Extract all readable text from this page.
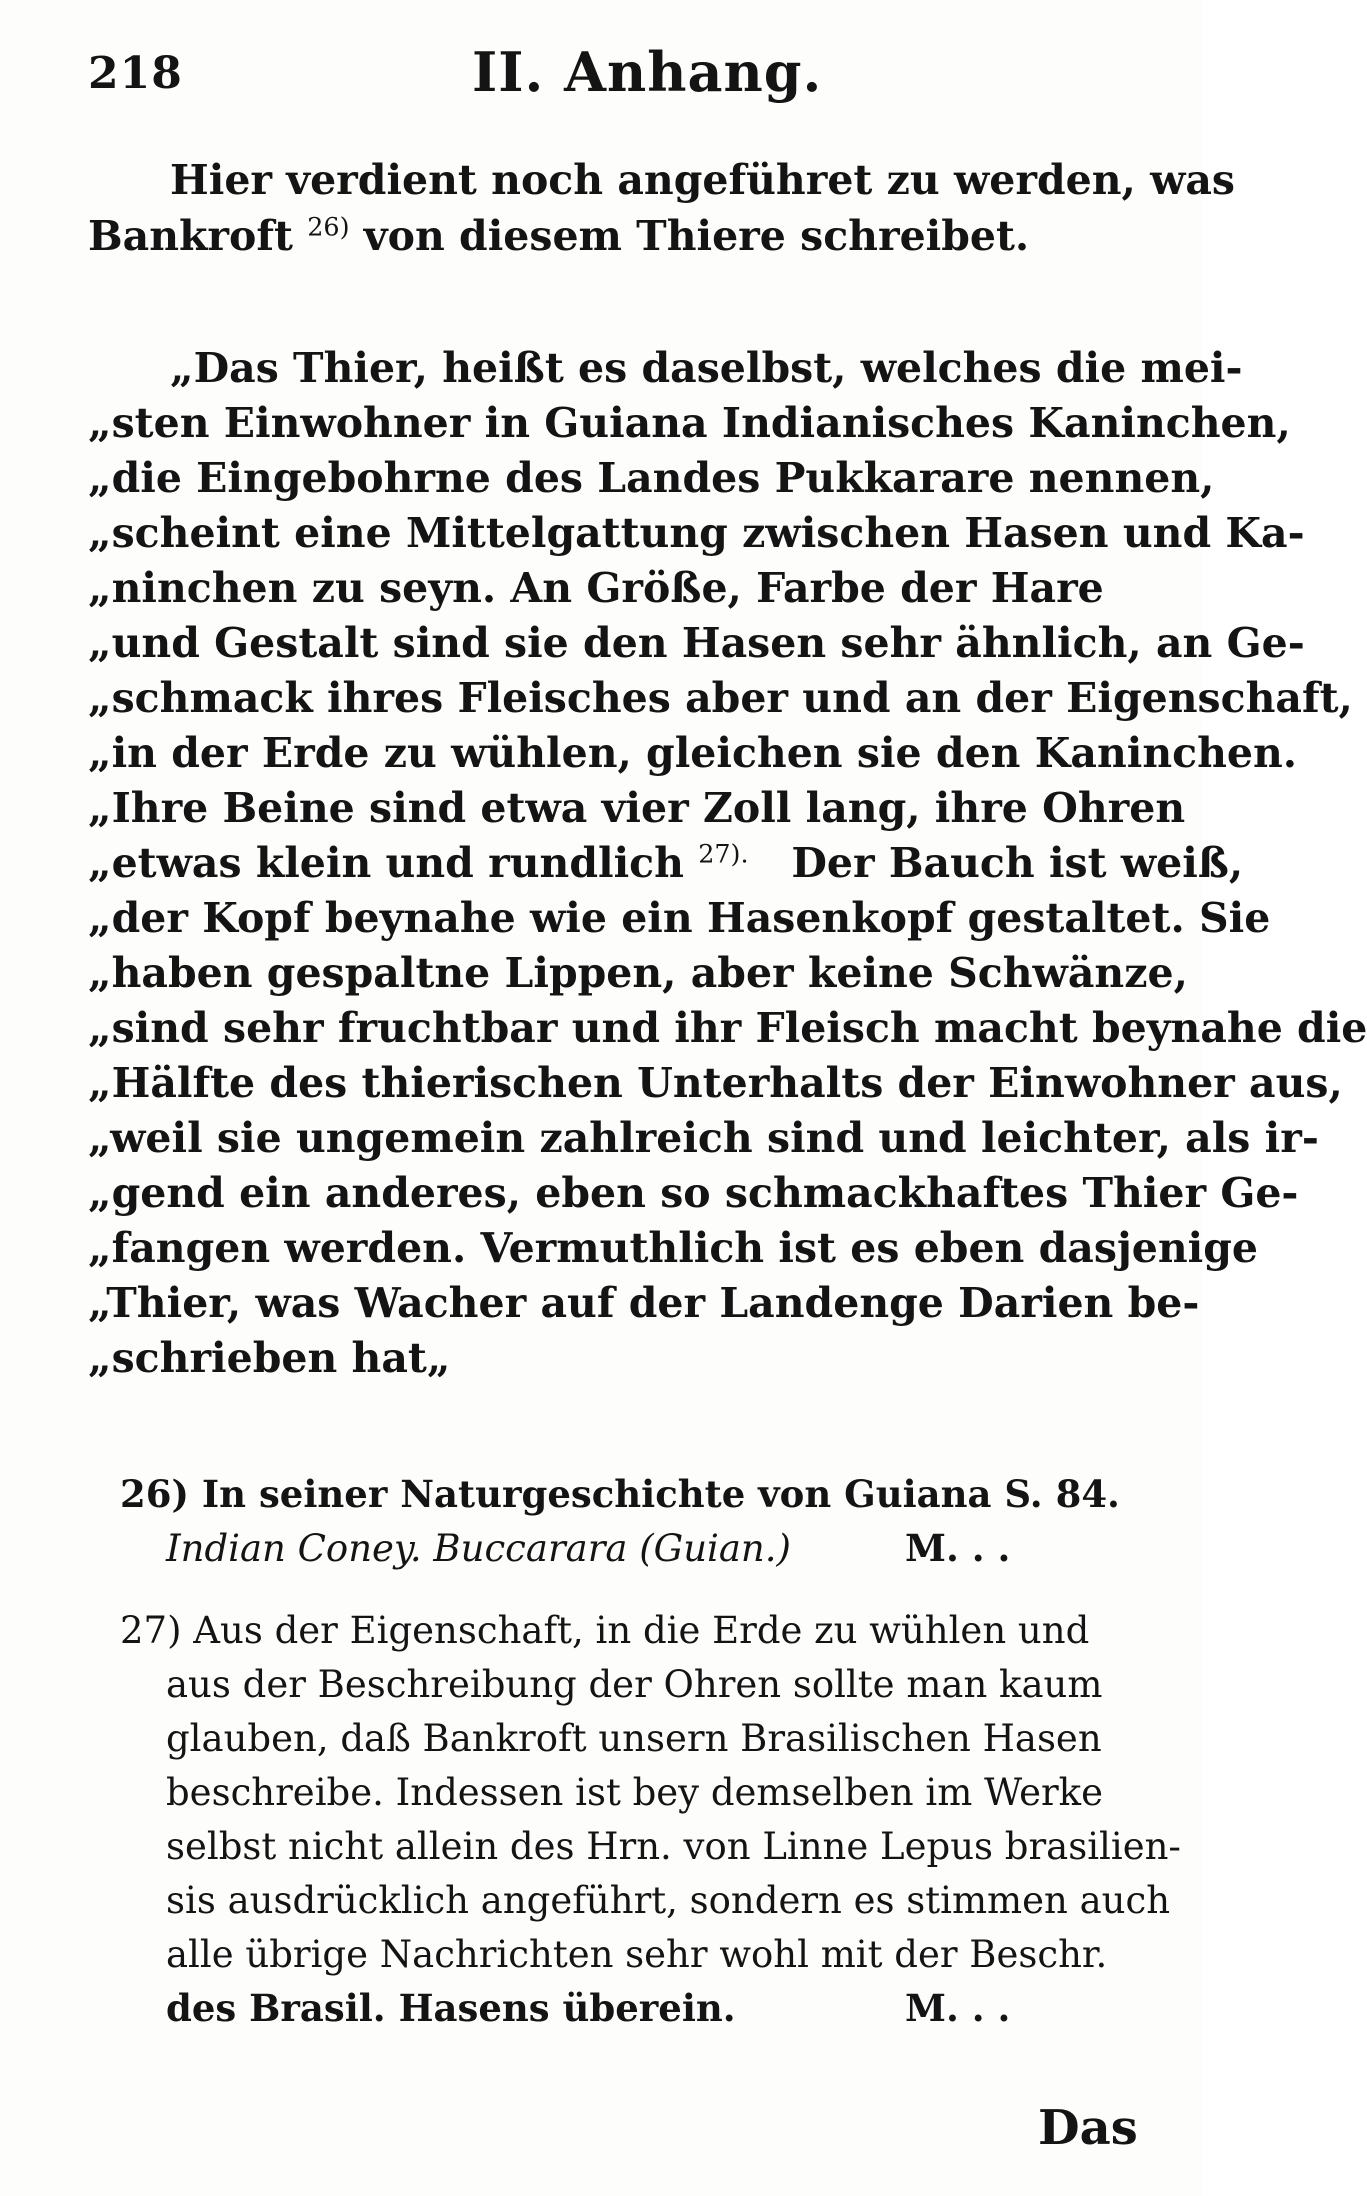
218	II. Anhang.
Hier verdient noch angeführet zu werden, was
Bankroft $^{26)}$ von diesem Thiere schreibet.
„Das Thier, heißt es daselbst, welches die mei-
„sten Einwohner in Guiana Indianisches Kaninchen,
„die Eingebohrne des Landes Pukkarare nennen,
„scheint eine Mittelgattung zwischen Hasen und Ka-
„ninchen zu seyn. An Größe, Farbe der Hare
„und Gestalt sind sie den Hasen sehr ähnlich, an Ge-
„schmack ihres Fleisches aber und an der Eigenschaft,
„in der Erde zu wühlen, gleichen sie den Kaninchen.
„Ihre Beine sind etwa vier Zoll lang, ihre Ohren
„etwas klein und rundlich $^{27).}$ Der Bauch ist weiß,
„der Kopf beynahe wie ein Hasenkopf gestaltet. Sie
„haben gespaltne Lippen, aber keine Schwänze,
„sind sehr fruchtbar und ihr Fleisch macht beynahe die
„Hälfte des thierischen Unterhalts der Einwohner aus,
„weil sie ungemein zahlreich sind und leichter, als ir-
„gend ein anderes, eben so schmackhaftes Thier Ge-
„fangen werden. Vermuthlich ist es eben dasjenige
„Thier, was Wacher auf der Landenge Darien be-
„schrieben hat„
26) In seiner Naturgeschichte von Guiana S. 84.
Indian Coney. Buccarara (Guian.)	M. . .
27) Aus der Eigenschaft, in die Erde zu wühlen und
aus der Beschreibung der Ohren sollte man kaum
glauben, daß Bankroft unsern Brasilischen Hasen
beschreibe. Indessen ist bey demselben im Werke
selbst nicht allein des Hrn. von Linne Lepus brasilien-
sis ausdrücklich angeführt, sondern es stimmen auch
alle übrige Nachrichten sehr wohl mit der Beschr.
des Brasil. Hasens überein.	M. . .
Das
